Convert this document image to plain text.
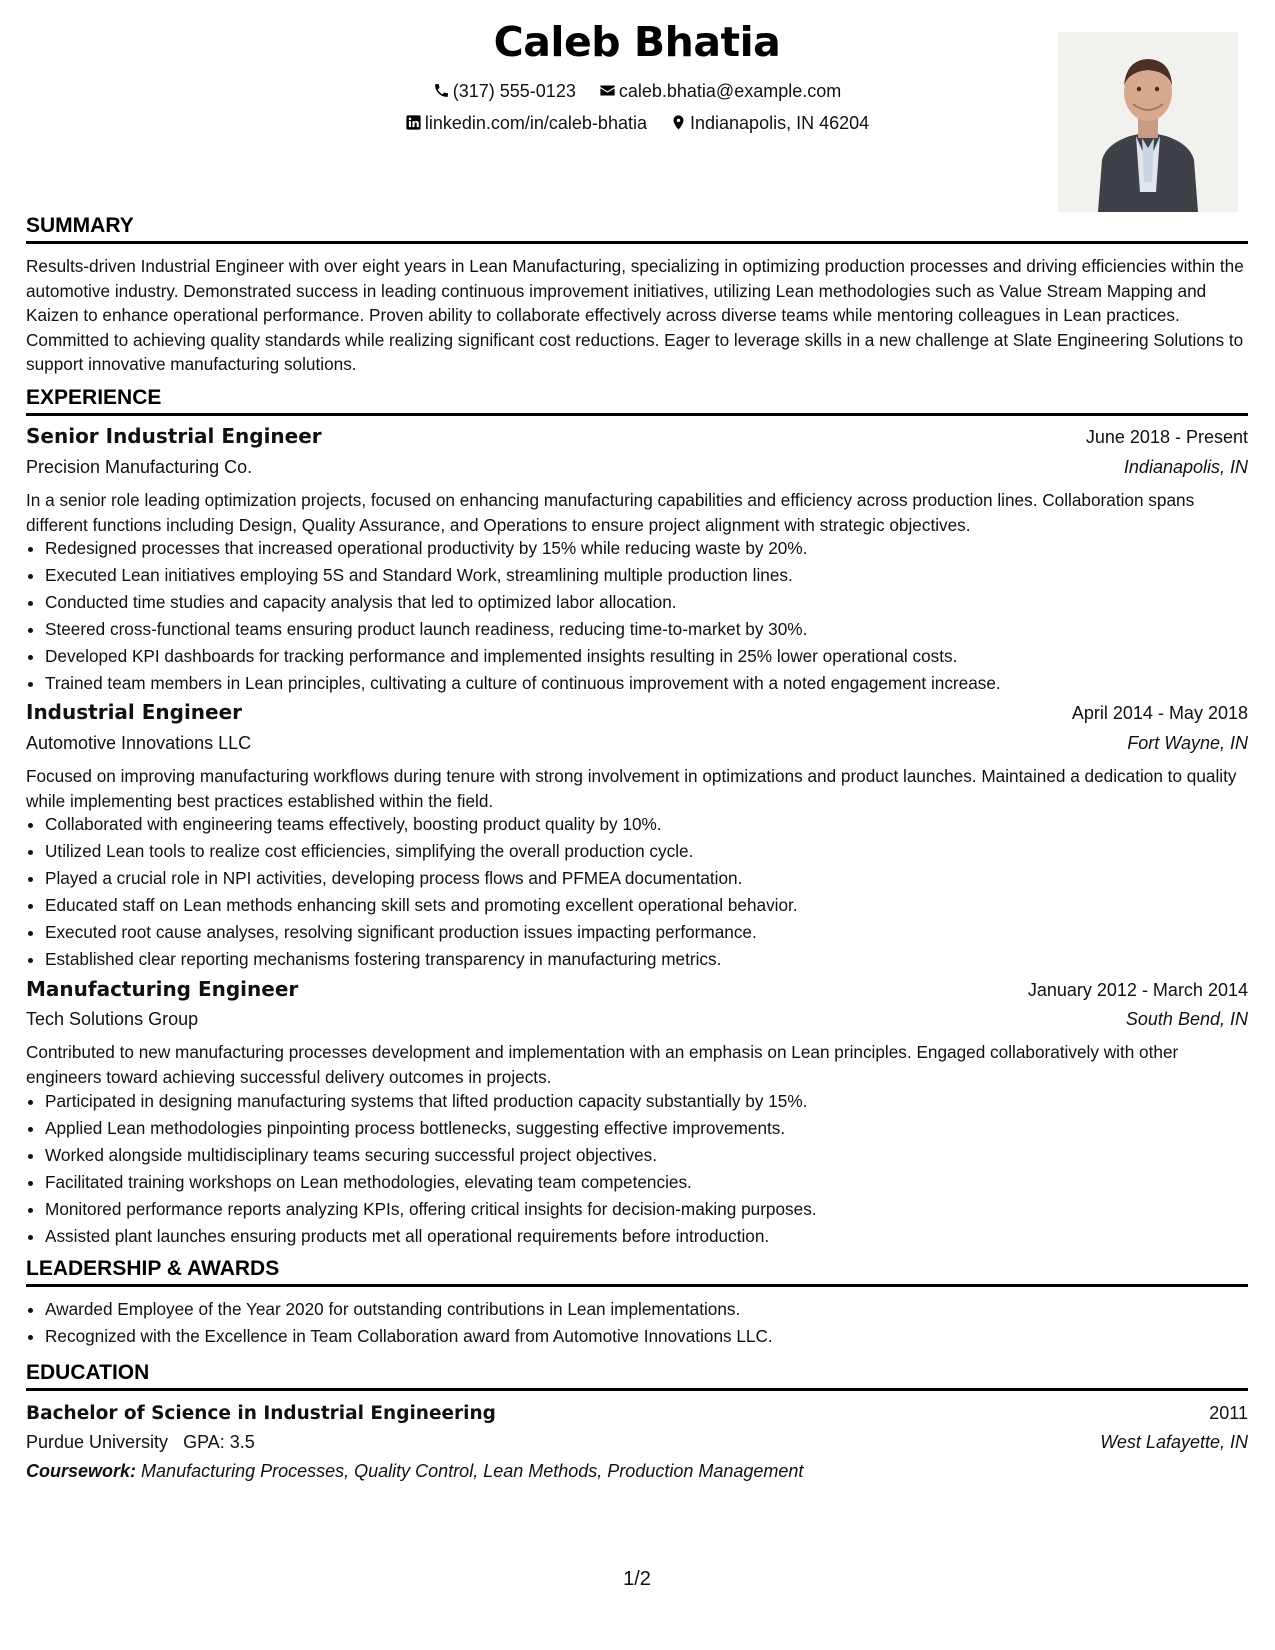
Caleb Bhatia
(317) 555-0123 caleb.bhatia@example.com
linkedin.com/in/caleb-bhatia Indianapolis, IN 46204
SUMMARY

Results-driven Industrial Engineer with over eight years in Lean Manufacturing, specializing in optimizing production processes and driving efficiencies within the automotive industry. Demonstrated success in leading continuous improvement initiatives, utilizing Lean methodologies such as Value Stream Mapping and Kaizen to enhance operational performance. Proven ability to collaborate effectively across diverse teams while mentoring colleagues in Lean practices. Committed to achieving quality standards while realizing significant cost reductions. Eager to leverage skills in a new challenge at Slate Engineering Solutions to support innovative manufacturing solutions.

EXPERIENCE
Senior Industrial Engineer	June 2018 - Present
Precision Manufacturing Co.	Indianapolis, IN

In a senior role leading optimization projects, focused on enhancing manufacturing capabilities and efficiency across production lines. Collaboration spans different functions including Design, Quality Assurance, and Operations to ensure project alignment with strategic objectives.

• Redesigned processes that increased operational productivity by 15% while reducing waste by 20%.
• Executed Lean initiatives employing 5S and Standard Work, streamlining multiple production lines.
• Conducted time studies and capacity analysis that led to optimized labor allocation.
• Steered cross-functional teams ensuring product launch readiness, reducing time-to-market by 30%.
• Developed KPI dashboards for tracking performance and implemented insights resulting in 25% lower operational costs.
• Trained team members in Lean principles, cultivating a culture of continuous improvement with a noted engagement increase.
Industrial Engineer	April 2014 - May 2018
Automotive Innovations LLC	Fort Wayne, IN

Focused on improving manufacturing workflows during tenure with strong involvement in optimizations and product launches. Maintained a dedication to quality while implementing best practices established within the field.

• Collaborated with engineering teams effectively, boosting product quality by 10%.
• Utilized Lean tools to realize cost efficiencies, simplifying the overall production cycle.
• Played a crucial role in NPI activities, developing process flows and PFMEA documentation.
• Educated staff on Lean methods enhancing skill sets and promoting excellent operational behavior.
• Executed root cause analyses, resolving significant production issues impacting performance.
• Established clear reporting mechanisms fostering transparency in manufacturing metrics.
Manufacturing Engineer	January 2012 - March 2014
Tech Solutions Group	South Bend, IN

Contributed to new manufacturing processes development and implementation with an emphasis on Lean principles. Engaged collaboratively with other engineers toward achieving successful delivery outcomes in projects.

• Participated in designing manufacturing systems that lifted production capacity substantially by 15%.
• Applied Lean methodologies pinpointing process bottlenecks, suggesting effective improvements.
• Worked alongside multidisciplinary teams securing successful project objectives.
• Facilitated training workshops on Lean methodologies, elevating team competencies.
• Monitored performance reports analyzing KPIs, offering critical insights for decision-making purposes.
• Assisted plant launches ensuring products met all operational requirements before introduction.
LEADERSHIP & AWARDS
• Awarded Employee of the Year 2020 for outstanding contributions in Lean implementations.
• Recognized with the Excellence in Team Collaboration award from Automotive Innovations LLC.
EDUCATION
Bachelor of Science in Industrial Engineering	2011
Purdue University GPA: 3.5	West Lafayette, IN
Coursework: Manufacturing Processes, Quality Control, Lean Methods, Production Management
1/2
